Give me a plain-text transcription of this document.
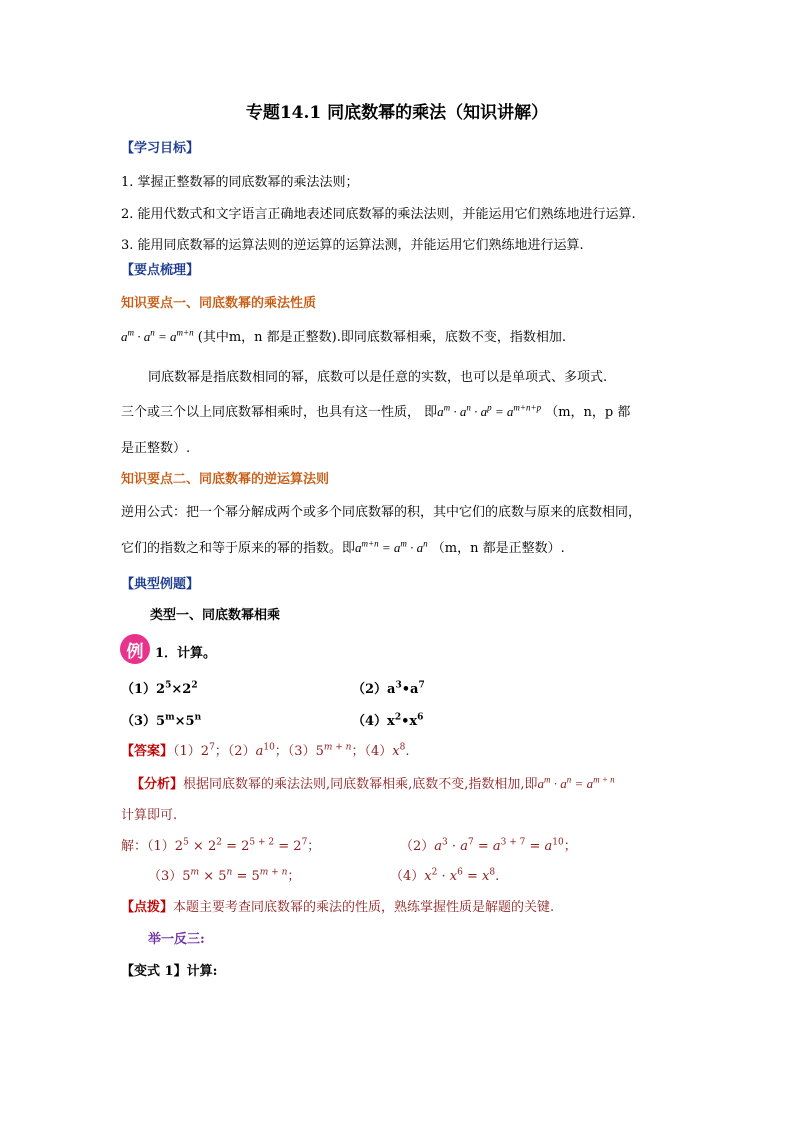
专题14.1 同底数幂的乘法（知识讲解）
【学习目标】
1. 掌握正整数幂的同底数幂的乘法法则；
2. 能用代数式和文字语言正确地表述同底数幂的乘法法则，并能运用它们熟练地进行运算.
3. 能用同底数幂的运算法则的逆运算的运算法测，并能运用它们熟练地进行运算.
【要点梳理】
知识要点一、同底数幂的乘法性质
$a^m \cdot a^n = a^{m+n}$ (其中m，n 都是正整数).即同底数幂相乘，底数不变，指数相加.
同底数幂是指底数相同的幂，底数可以是任意的实数，也可以是单项式、多项式.
三个或三个以上同底数幂相乘时，也具有这一性质， 即$a^m \cdot a^n \cdot a^p = a^{m+n+p}$ （m，n，p 都
是正整数）.
知识要点二、同底数幂的逆运算法则
逆用公式：把一个幂分解成两个或多个同底数幂的积，其中它们的底数与原来的底数相同，
它们的指数之和等于原来的幂的指数。即$a^{m+n} = a^m \cdot a^n$ （m，n 都是正整数）.
【典型例题】
类型一、同底数幂相乘
例 1．计算。
$(1)2^5\times 2^2$	$(2)a^3•a^7$
$(3)5^m\times 5^n$	$(4)x^2•x^6$
【答案】$(1)2^7$；$(2)a^{10}$；$(3)5^{m + n}$；$(4)x^8$.
【分析】根据同底数幂的乘法法则,同底数幂相乘,底数不变,指数相加,即$a^m \cdot a^n = a^{m + n}$
计算即可.
解：$(1)2^5 \times 2^2 = 2^{5 + 2} = 2^7$；	$(2)a^3 \cdot a^7 = a^{3 + 7} = a^{10}$；
$(3)5^m \times 5^n = 5^{m + n}$；	$(4)x^2 \cdot x^6 = x^8$.
【点拨】本题主要考查同底数幂的乘法的性质，熟练掌握性质是解题的关键.
举一反三:
【变式 1】计算:
